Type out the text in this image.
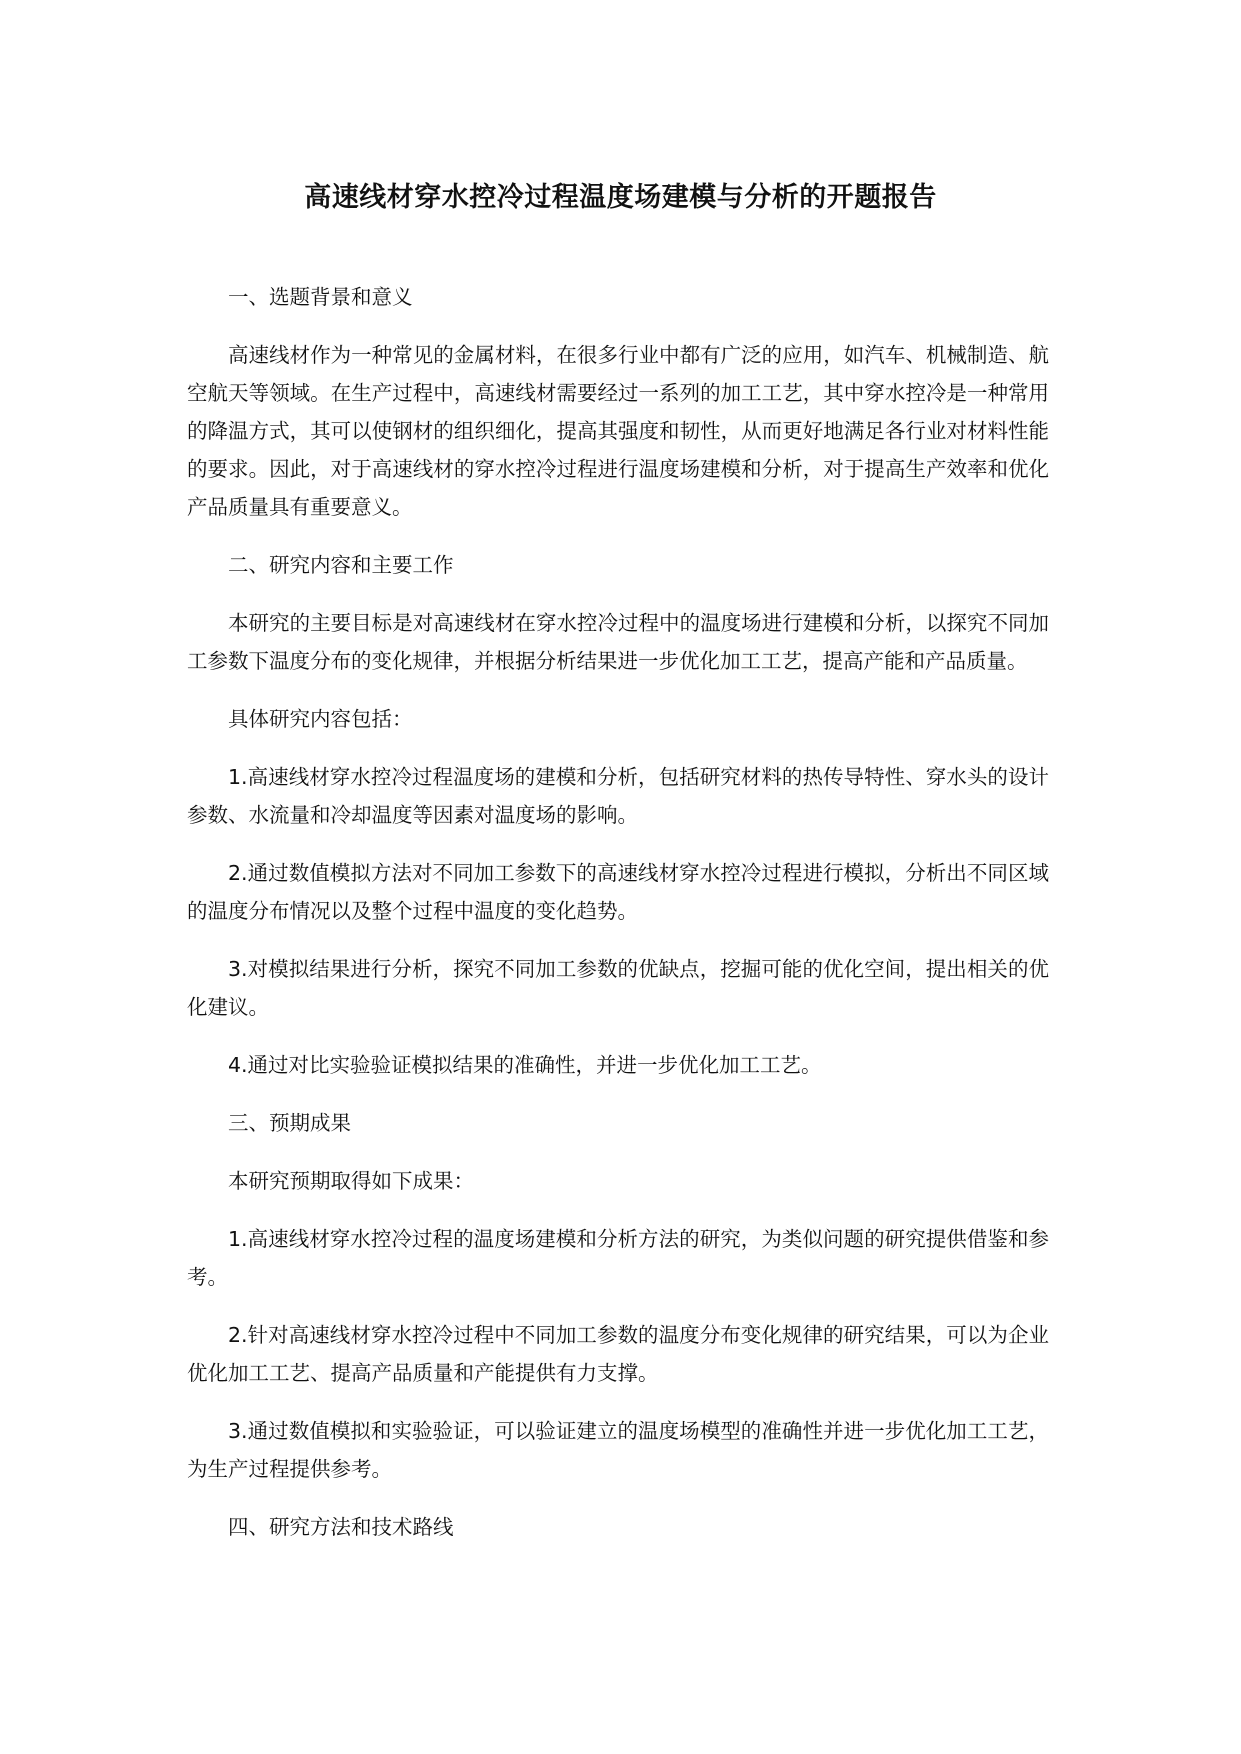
高速线材穿水控冷过程温度场建模与分析的开题报告

一、选题背景和意义

高速线材作为一种常见的金属材料，在很多行业中都有广泛的应用，如汽车、机械制造、航空航天等领域。在生产过程中，高速线材需要经过一系列的加工工艺，其中穿水控冷是一种常用的降温方式，其可以使钢材的组织细化，提高其强度和韧性，从而更好地满足各行业对材料性能的要求。因此，对于高速线材的穿水控冷过程进行温度场建模和分析，对于提高生产效率和优化产品质量具有重要意义。

二、研究内容和主要工作

本研究的主要目标是对高速线材在穿水控冷过程中的温度场进行建模和分析，以探究不同加工参数下温度分布的变化规律，并根据分析结果进一步优化加工工艺，提高产能和产品质量。

具体研究内容包括：

1.高速线材穿水控冷过程温度场的建模和分析，包括研究材料的热传导特性、穿水头的设计参数、水流量和冷却温度等因素对温度场的影响。

2.通过数值模拟方法对不同加工参数下的高速线材穿水控冷过程进行模拟，分析出不同区域的温度分布情况以及整个过程中温度的变化趋势。

3.对模拟结果进行分析，探究不同加工参数的优缺点，挖掘可能的优化空间，提出相关的优化建议。

4.通过对比实验验证模拟结果的准确性，并进一步优化加工工艺。

三、预期成果

本研究预期取得如下成果：

1.高速线材穿水控冷过程的温度场建模和分析方法的研究，为类似问题的研究提供借鉴和参考。

2.针对高速线材穿水控冷过程中不同加工参数的温度分布变化规律的研究结果，可以为企业优化加工工艺、提高产品质量和产能提供有力支撑。

3.通过数值模拟和实验验证，可以验证建立的温度场模型的准确性并进一步优化加工工艺，为生产过程提供参考。

四、研究方法和技术路线
